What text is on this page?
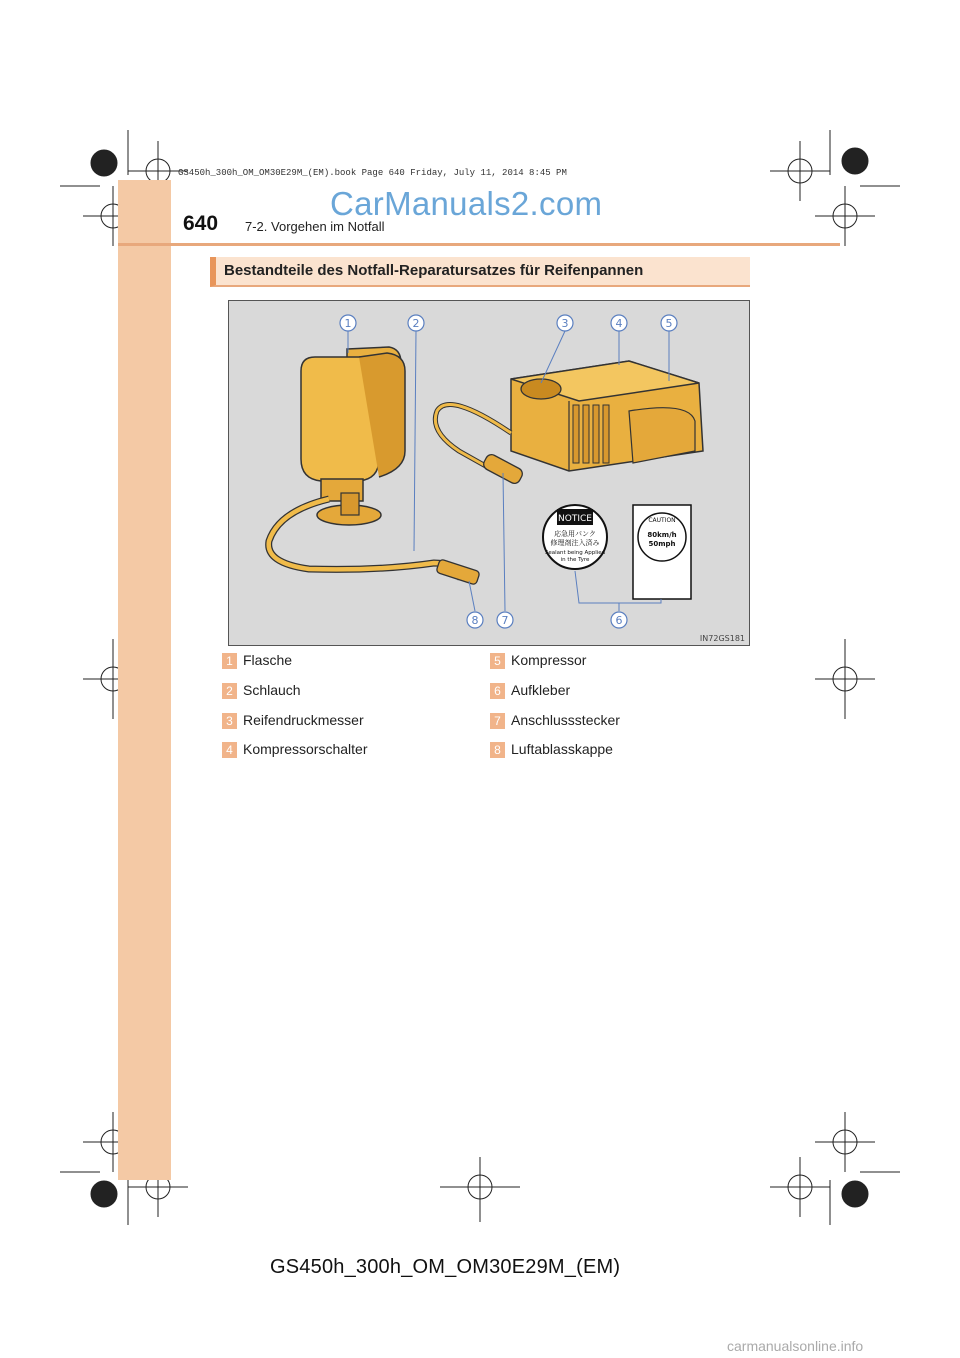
GS450h_300h_OM_OM30E29M_(EM).book Page 640 Friday, July 11, 2014 8:45 PM
CarManuals2.com
640 7-2. Vorgehen im Notfall
Bestandteile des Notfall-Reparatursatzes für Reifenpannen
NOTICE
応急用パンク
修理剤注入済み
Sealant being Applied
in the Tyre
CAUTION
80km/h
50mph
1	2	3	4	5
6
7
8
IN72GS181
1 Flasche
2 Schlauch
3 Reifendruckmesser
4 Kompressorschalter
5 Kompressor
6 Aufkleber
7 Anschlussstecker
8 Luftablasskappe
GS450h_300h_OM_OM30E29M_(EM)
carmanualsonline.info
